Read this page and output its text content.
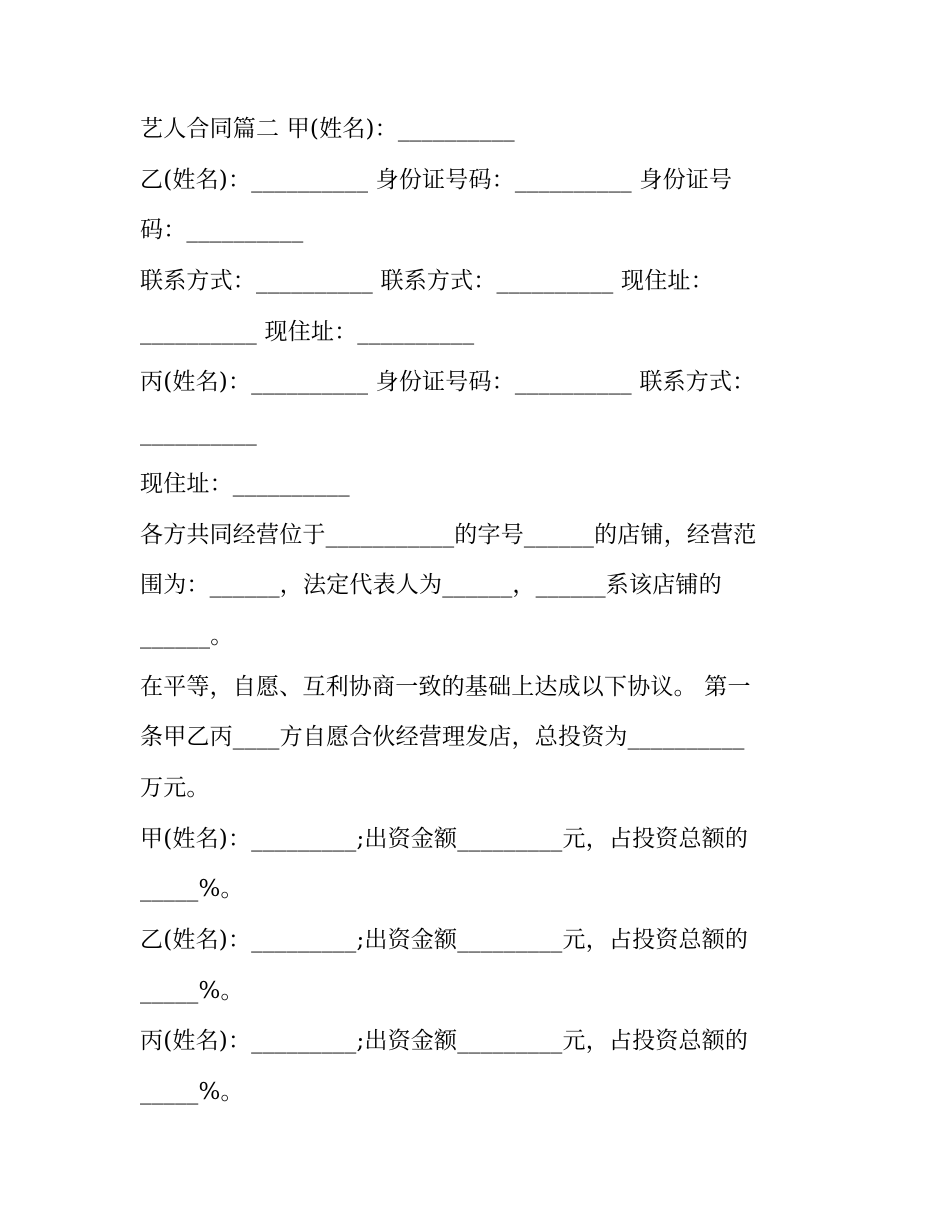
艺人合同篇二 甲(姓名)：__________
乙(姓名)：__________ 身份证号码：__________ 身份证号
码：__________
联系方式：__________ 联系方式：__________ 现住址：
__________ 现住址：__________
丙(姓名)：__________ 身份证号码：__________ 联系方式：
__________
现住址：__________
各方共同经营位于___________的字号______的店铺，经营范
围为：______，法定代表人为______，______系该店铺的
______。
在平等，自愿、互利协商一致的基础上达成以下协议。 第一
条甲乙丙____方自愿合伙经营理发店，总投资为__________
万元。
甲(姓名)：_________;出资金额_________元，占投资总额的
_____%。
乙(姓名)：_________;出资金额_________元，占投资总额的
_____%。
丙(姓名)：_________;出资金额_________元，占投资总额的
_____%。
